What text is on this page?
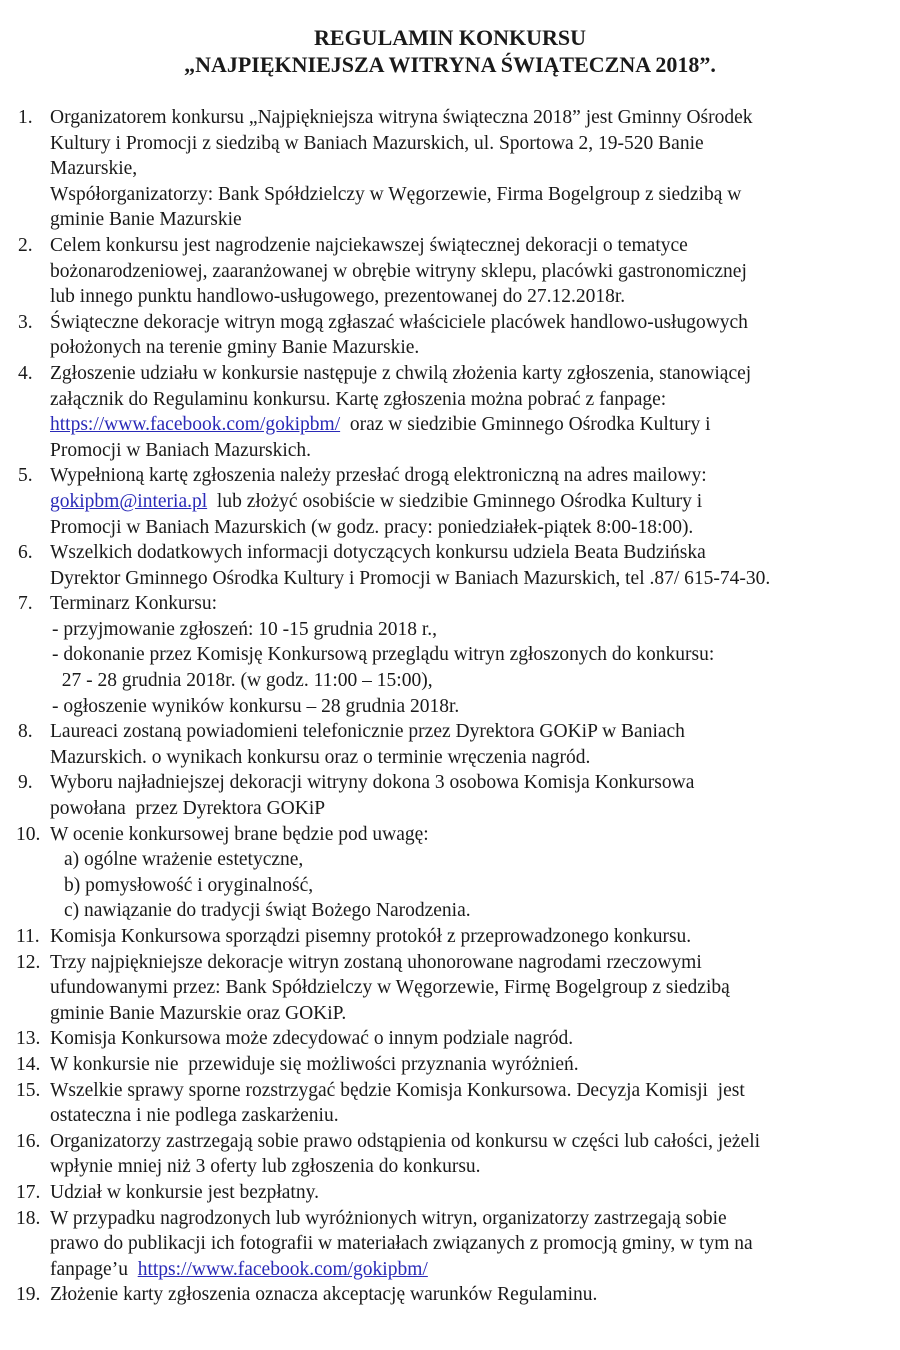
REGULAMIN KONKURSU
„NAJPIĘKNIEJSZA WITRYNA ŚWIĄTECZNA 2018”.
1. Organizatorem konkursu „Najpiękniejsza witryna świąteczna 2018” jest Gminny Ośrodek
Kultury i Promocji z siedzibą w Baniach Mazurskich, ul. Sportowa 2, 19-520 Banie
Mazurskie,
Współorganizatorzy: Bank Spółdzielczy w Węgorzewie, Firma Bogelgroup z siedzibą w
gminie Banie Mazurskie
2. Celem konkursu jest nagrodzenie najciekawszej świątecznej dekoracji o tematyce
bożonarodzeniowej, zaaranżowanej w obrębie witryny sklepu, placówki gastronomicznej
lub innego punktu handlowo-usługowego, prezentowanej do 27.12.2018r.
3. Świąteczne dekoracje witryn mogą zgłaszać właściciele placówek handlowo-usługowych
położonych na terenie gminy Banie Mazurskie.
4. Zgłoszenie udziału w konkursie następuje z chwilą złożenia karty zgłoszenia, stanowiącej
załącznik do Regulaminu konkursu. Kartę zgłoszenia można pobrać z fanpage:
https://www.facebook.com/gokipbm/  oraz w siedzibie Gminnego Ośrodka Kultury i
Promocji w Baniach Mazurskich.
5. Wypełnioną kartę zgłoszenia należy przesłać drogą elektroniczną na adres mailowy:
gokipbm@interia.pl  lub złożyć osobiście w siedzibie Gminnego Ośrodka Kultury i
Promocji w Baniach Mazurskich (w godz. pracy: poniedziałek-piątek 8:00-18:00).
6. Wszelkich dodatkowych informacji dotyczących konkursu udziela Beata Budzińska
Dyrektor Gminnego Ośrodka Kultury i Promocji w Baniach Mazurskich, tel .87/ 615-74-30.
7. Terminarz Konkursu:
- przyjmowanie zgłoszeń: 10 -15 grudnia 2018 r.,
- dokonanie przez Komisję Konkursową przeglądu witryn zgłoszonych do konkursu:
27 - 28 grudnia 2018r. (w godz. 11:00 – 15:00),
- ogłoszenie wyników konkursu – 28 grudnia 2018r.
8. Laureaci zostaną powiadomieni telefonicznie przez Dyrektora GOKiP w Baniach
Mazurskich. o wynikach konkursu oraz o terminie wręczenia nagród.
9. Wyboru najładniejszej dekoracji witryny dokona 3 osobowa Komisja Konkursowa
powołana  przez Dyrektora GOKiP
10. W ocenie konkursowej brane będzie pod uwagę:
a) ogólne wrażenie estetyczne,
b) pomysłowość i oryginalność,
c) nawiązanie do tradycji świąt Bożego Narodzenia.
11. Komisja Konkursowa sporządzi pisemny protokół z przeprowadzonego konkursu.
12. Trzy najpiękniejsze dekoracje witryn zostaną uhonorowane nagrodami rzeczowymi
ufundowanymi przez: Bank Spółdzielczy w Węgorzewie, Firmę Bogelgroup z siedzibą
gminie Banie Mazurskie oraz GOKiP.
13. Komisja Konkursowa może zdecydować o innym podziale nagród.
14. W konkursie nie  przewiduje się możliwości przyznania wyróżnień.
15. Wszelkie sprawy sporne rozstrzygać będzie Komisja Konkursowa. Decyzja Komisji  jest
ostateczna i nie podlega zaskarżeniu.
16. Organizatorzy zastrzegają sobie prawo odstąpienia od konkursu w części lub całości, jeżeli
wpłynie mniej niż 3 oferty lub zgłoszenia do konkursu.
17. Udział w konkursie jest bezpłatny.
18. W przypadku nagrodzonych lub wyróżnionych witryn, organizatorzy zastrzegają sobie
prawo do publikacji ich fotografii w materiałach związanych z promocją gminy, w tym na
fanpage’u  https://www.facebook.com/gokipbm/
19. Złożenie karty zgłoszenia oznacza akceptację warunków Regulaminu.
